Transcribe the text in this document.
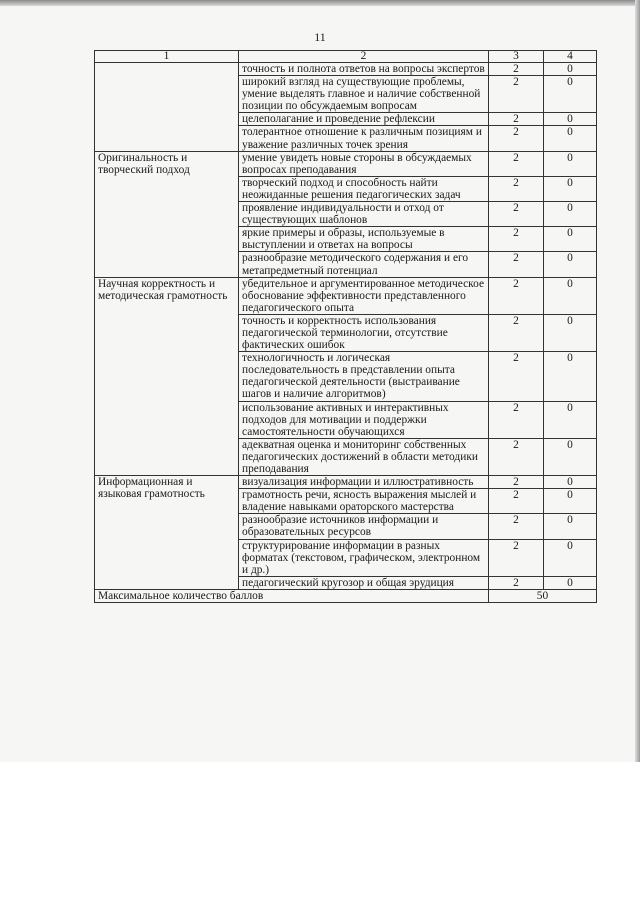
11
1	2	3	4
	точность и полнота ответов на вопросы экспертов	2	0
	широкий взгляд на существующие проблемы, умение выделять главное и наличие собственной позиции по обсуждаемым вопросам	2	0
	целеполагание и проведение рефлексии	2	0
	толерантное отношение к различным позициям и уважение различных точек зрения	2	0
Оригинальность и творческий подход	умение увидеть новые стороны в обсуждаемых вопросах преподавания	2	0
	творческий подход и способность найти неожиданные решения педагогических задач	2	0
	проявление индивидуальности и отход от существующих шаблонов	2	0
	яркие примеры и образы, используемые в выступлении и ответах на вопросы	2	0
	разнообразие методического содержания и его метапредметный потенциал	2	0
Научная корректность и методическая грамотность	убедительное и аргументированное методическое обоснование эффективности представленного педагогического опыта	2	0
	точность и корректность использования педагогической терминологии, отсутствие фактических ошибок	2	0
	технологичность и логическая последовательность в представлении опыта педагогической деятельности (выстраивание шагов и наличие алгоритмов)	2	0
	использование активных и интерактивных подходов для мотивации и поддержки самостоятельности обучающихся	2	0
	адекватная оценка и мониторинг собственных педагогических достижений в области методики преподавания	2	0
Информационная и языковая грамотность	визуализация информации и иллюстративность	2	0
	грамотность речи, ясность выражения мыслей и владение навыками ораторского мастерства	2	0
	разнообразие источников информации и образовательных ресурсов	2	0
	структурирование информации в разных форматах (текстовом, графическом, электронном и др.)	2	0
	педагогический кругозор и общая эрудиция	2	0
Максимальное количество баллов		50	
